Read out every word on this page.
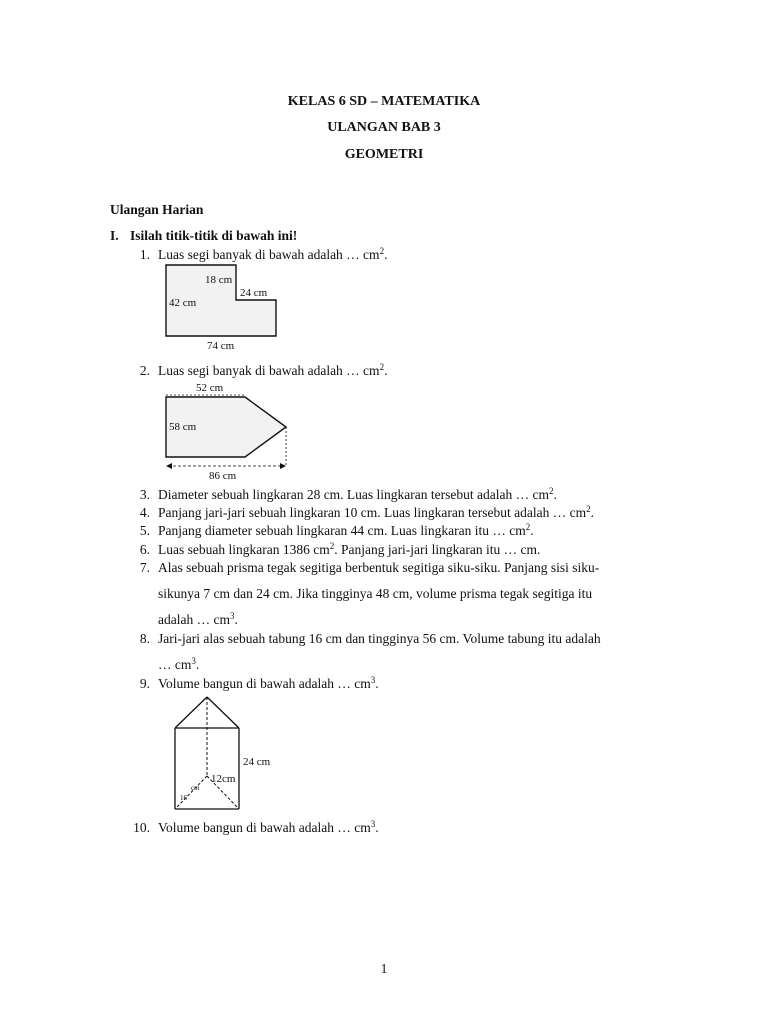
KELAS 6 SD – MATEMATIKA
ULANGAN BAB 3
GEOMETRI
Ulangan Harian
I. Isilah titik-titik di bawah ini!
1. Luas segi banyak di bawah adalah … $cm^2$.
18 cm
24 cm
42 cm
74 cm
2. Luas segi banyak di bawah adalah … $cm^2$.
52 cm
58 cm
86 cm
3. Diameter sebuah lingkaran 28 cm. Luas lingkaran tersebut adalah … $cm^2$.
4. Panjang jari-jari sebuah lingkaran 10 cm. Luas lingkaran tersebut adalah … $cm^2$.
5. Panjang diameter sebuah lingkaran 44 cm. Luas lingkaran itu … $cm^2$.
6. Luas sebuah lingkaran 1386 $cm^2$. Panjang jari-jari lingkaran itu … cm.
7. Alas sebuah prisma tegak segitiga berbentuk segitiga siku-siku. Panjang sisi siku-
sikunya 7 cm dan 24 cm. Jika tingginya 48 cm, volume prisma tegak segitiga itu
adalah … $cm^3$.
8. Jari-jari alas sebuah tabung 16 cm dan tingginya 56 cm. Volume tabung itu adalah
… $cm^3$.
9. Volume bangun di bawah adalah … $cm^3$.
24 cm
12cm
cm
16
10. Volume bangun di bawah adalah … $cm^3$.
1
